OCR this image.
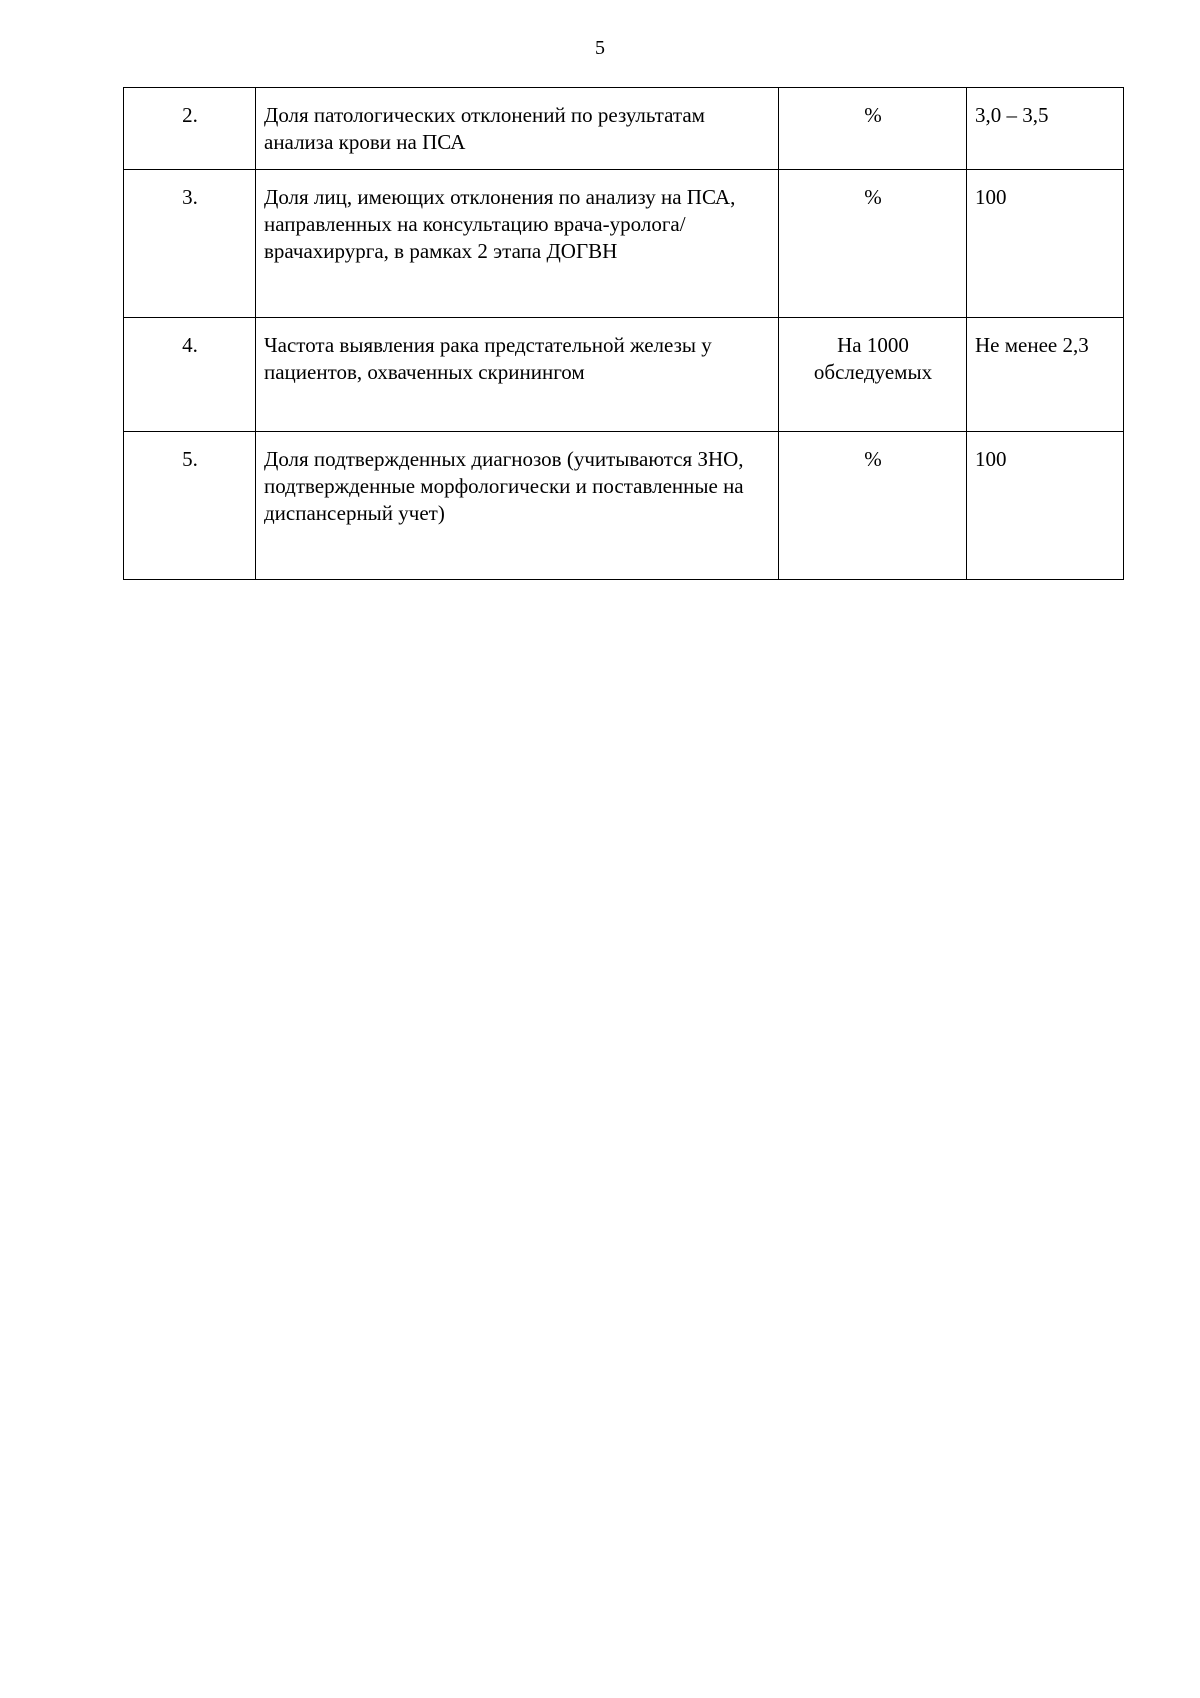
5
2.	Доля патологических отклонений по результатам анализа крови на ПСА	%	3,0 – 3,5
3.	Доля лиц, имеющих отклонения по анализу на ПСА, направленных на консультацию врача-уролога/врачахирурга, в рамках 2 этапа ДОГВН	%	100
4.	Частота выявления рака предстательной железы у пациентов, охваченных скринингом	На 1000 обследуемых	Не менее 2,3
5.	Доля подтвержденных диагнозов (учитываются ЗНО, подтвержденные морфологически и поставленные на диспансерный учет)	%	100
